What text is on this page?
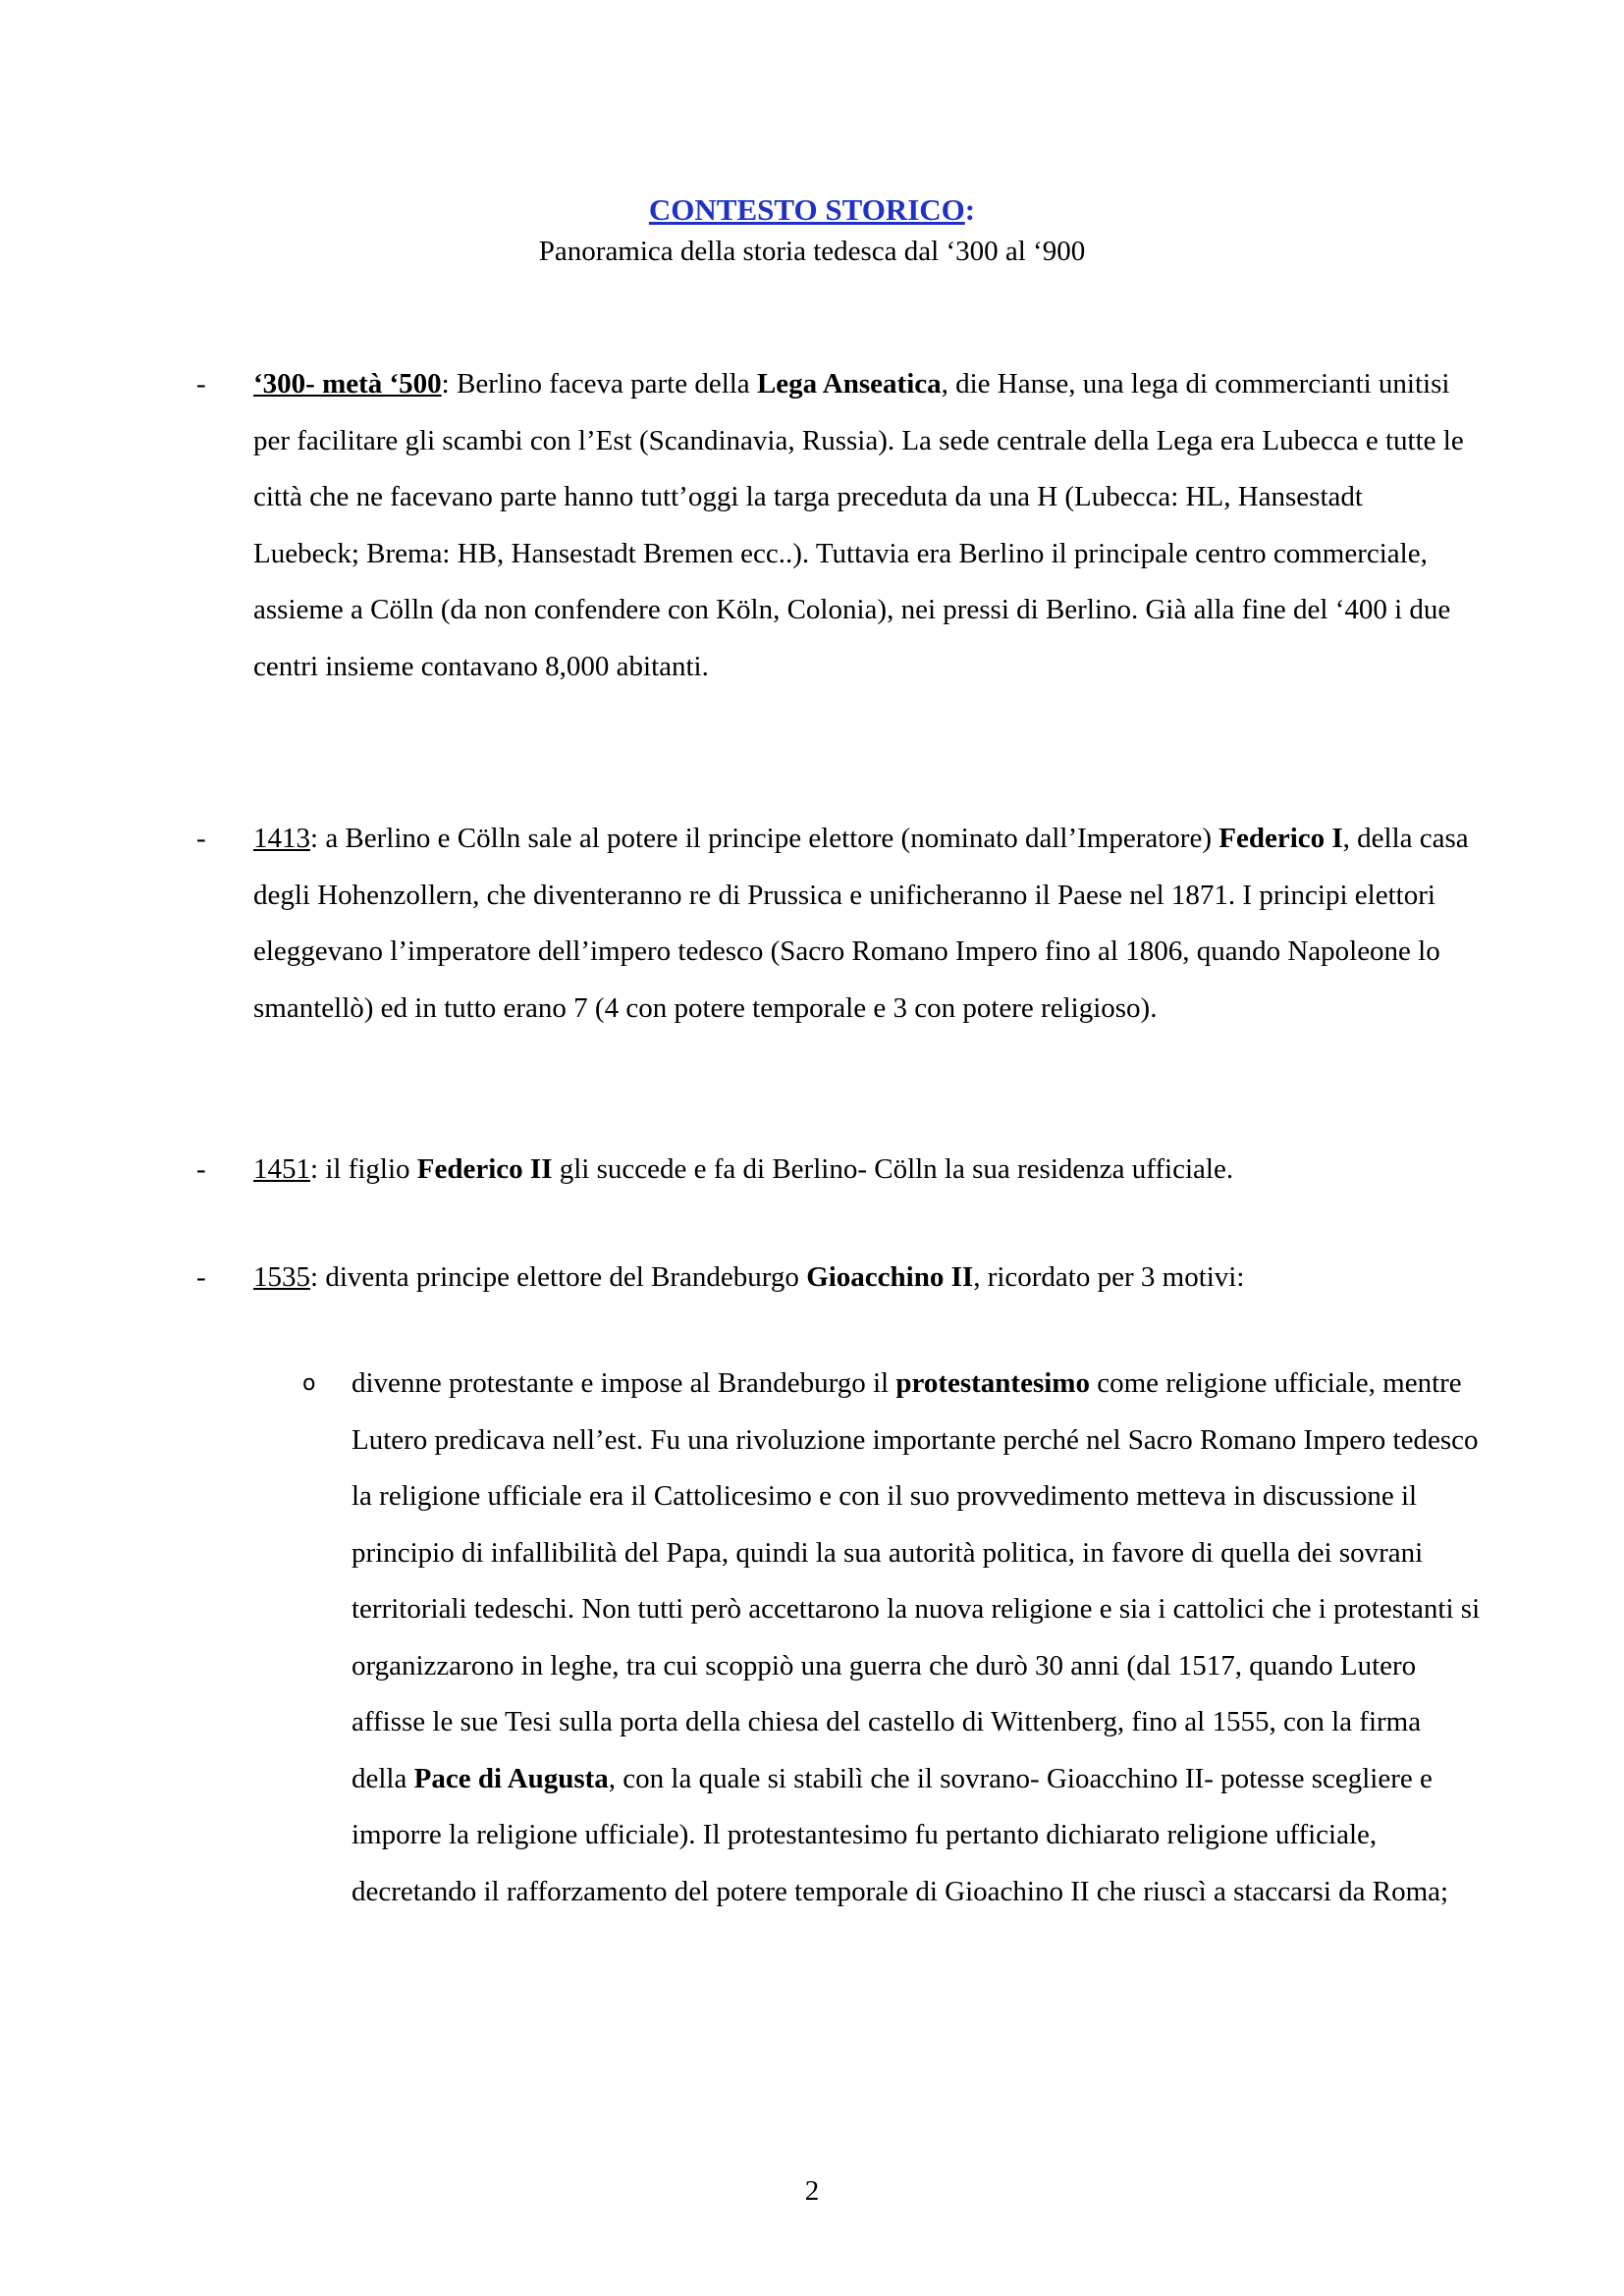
CONTESTO STORICO:
Panoramica della storia tedesca dal ‘300 al ‘900
- ‘300- metà ‘500: Berlino faceva parte della Lega Anseatica, die Hanse, una lega di commercianti unitisi per facilitare gli scambi con l’Est (Scandinavia, Russia). La sede centrale della Lega era Lubecca e tutte le città che ne facevano parte hanno tutt’oggi la targa preceduta da una H (Lubecca: HL, Hansestadt Luebeck; Brema: HB, Hansestadt Bremen ecc..). Tuttavia era Berlino il principale centro commerciale, assieme a Cölln (da non confendere con Köln, Colonia), nei pressi di Berlino. Già alla fine del ‘400 i due centri insieme contavano 8,000 abitanti.
- 1413: a Berlino e Cölln sale al potere il principe elettore (nominato dall’Imperatore) Federico I, della casa degli Hohenzollern, che diventeranno re di Prussica e unificheranno il Paese nel 1871. I principi elettori eleggevano l’imperatore dell’impero tedesco (Sacro Romano Impero fino al 1806, quando Napoleone lo smantellò) ed in tutto erano 7 (4 con potere temporale e 3 con potere religioso).
- 1451: il figlio Federico II gli succede e fa di Berlino- Cölln la sua residenza ufficiale.
- 1535: diventa principe elettore del Brandeburgo Gioacchino II, ricordato per 3 motivi:
o divenne protestante e impose al Brandeburgo il protestantesimo come religione ufficiale, mentre Lutero predicava nell’est. Fu una rivoluzione importante perché nel Sacro Romano Impero tedesco la religione ufficiale era il Cattolicesimo e con il suo provvedimento metteva in discussione il principio di infallibilità del Papa, quindi la sua autorità politica, in favore di quella dei sovrani territoriali tedeschi. Non tutti però accettarono la nuova religione e sia i cattolici che i protestanti si organizzarono in leghe, tra cui scoppiò una guerra che durò 30 anni (dal 1517, quando Lutero affisse le sue Tesi sulla porta della chiesa del castello di Wittenberg, fino al 1555, con la firma della Pace di Augusta, con la quale si stabilì che il sovrano- Gioacchino II- potesse scegliere e imporre la religione ufficiale). Il protestantesimo fu pertanto dichiarato religione ufficiale, decretando il rafforzamento del potere temporale di Gioachino II che riuscì a staccarsi da Roma;
2
